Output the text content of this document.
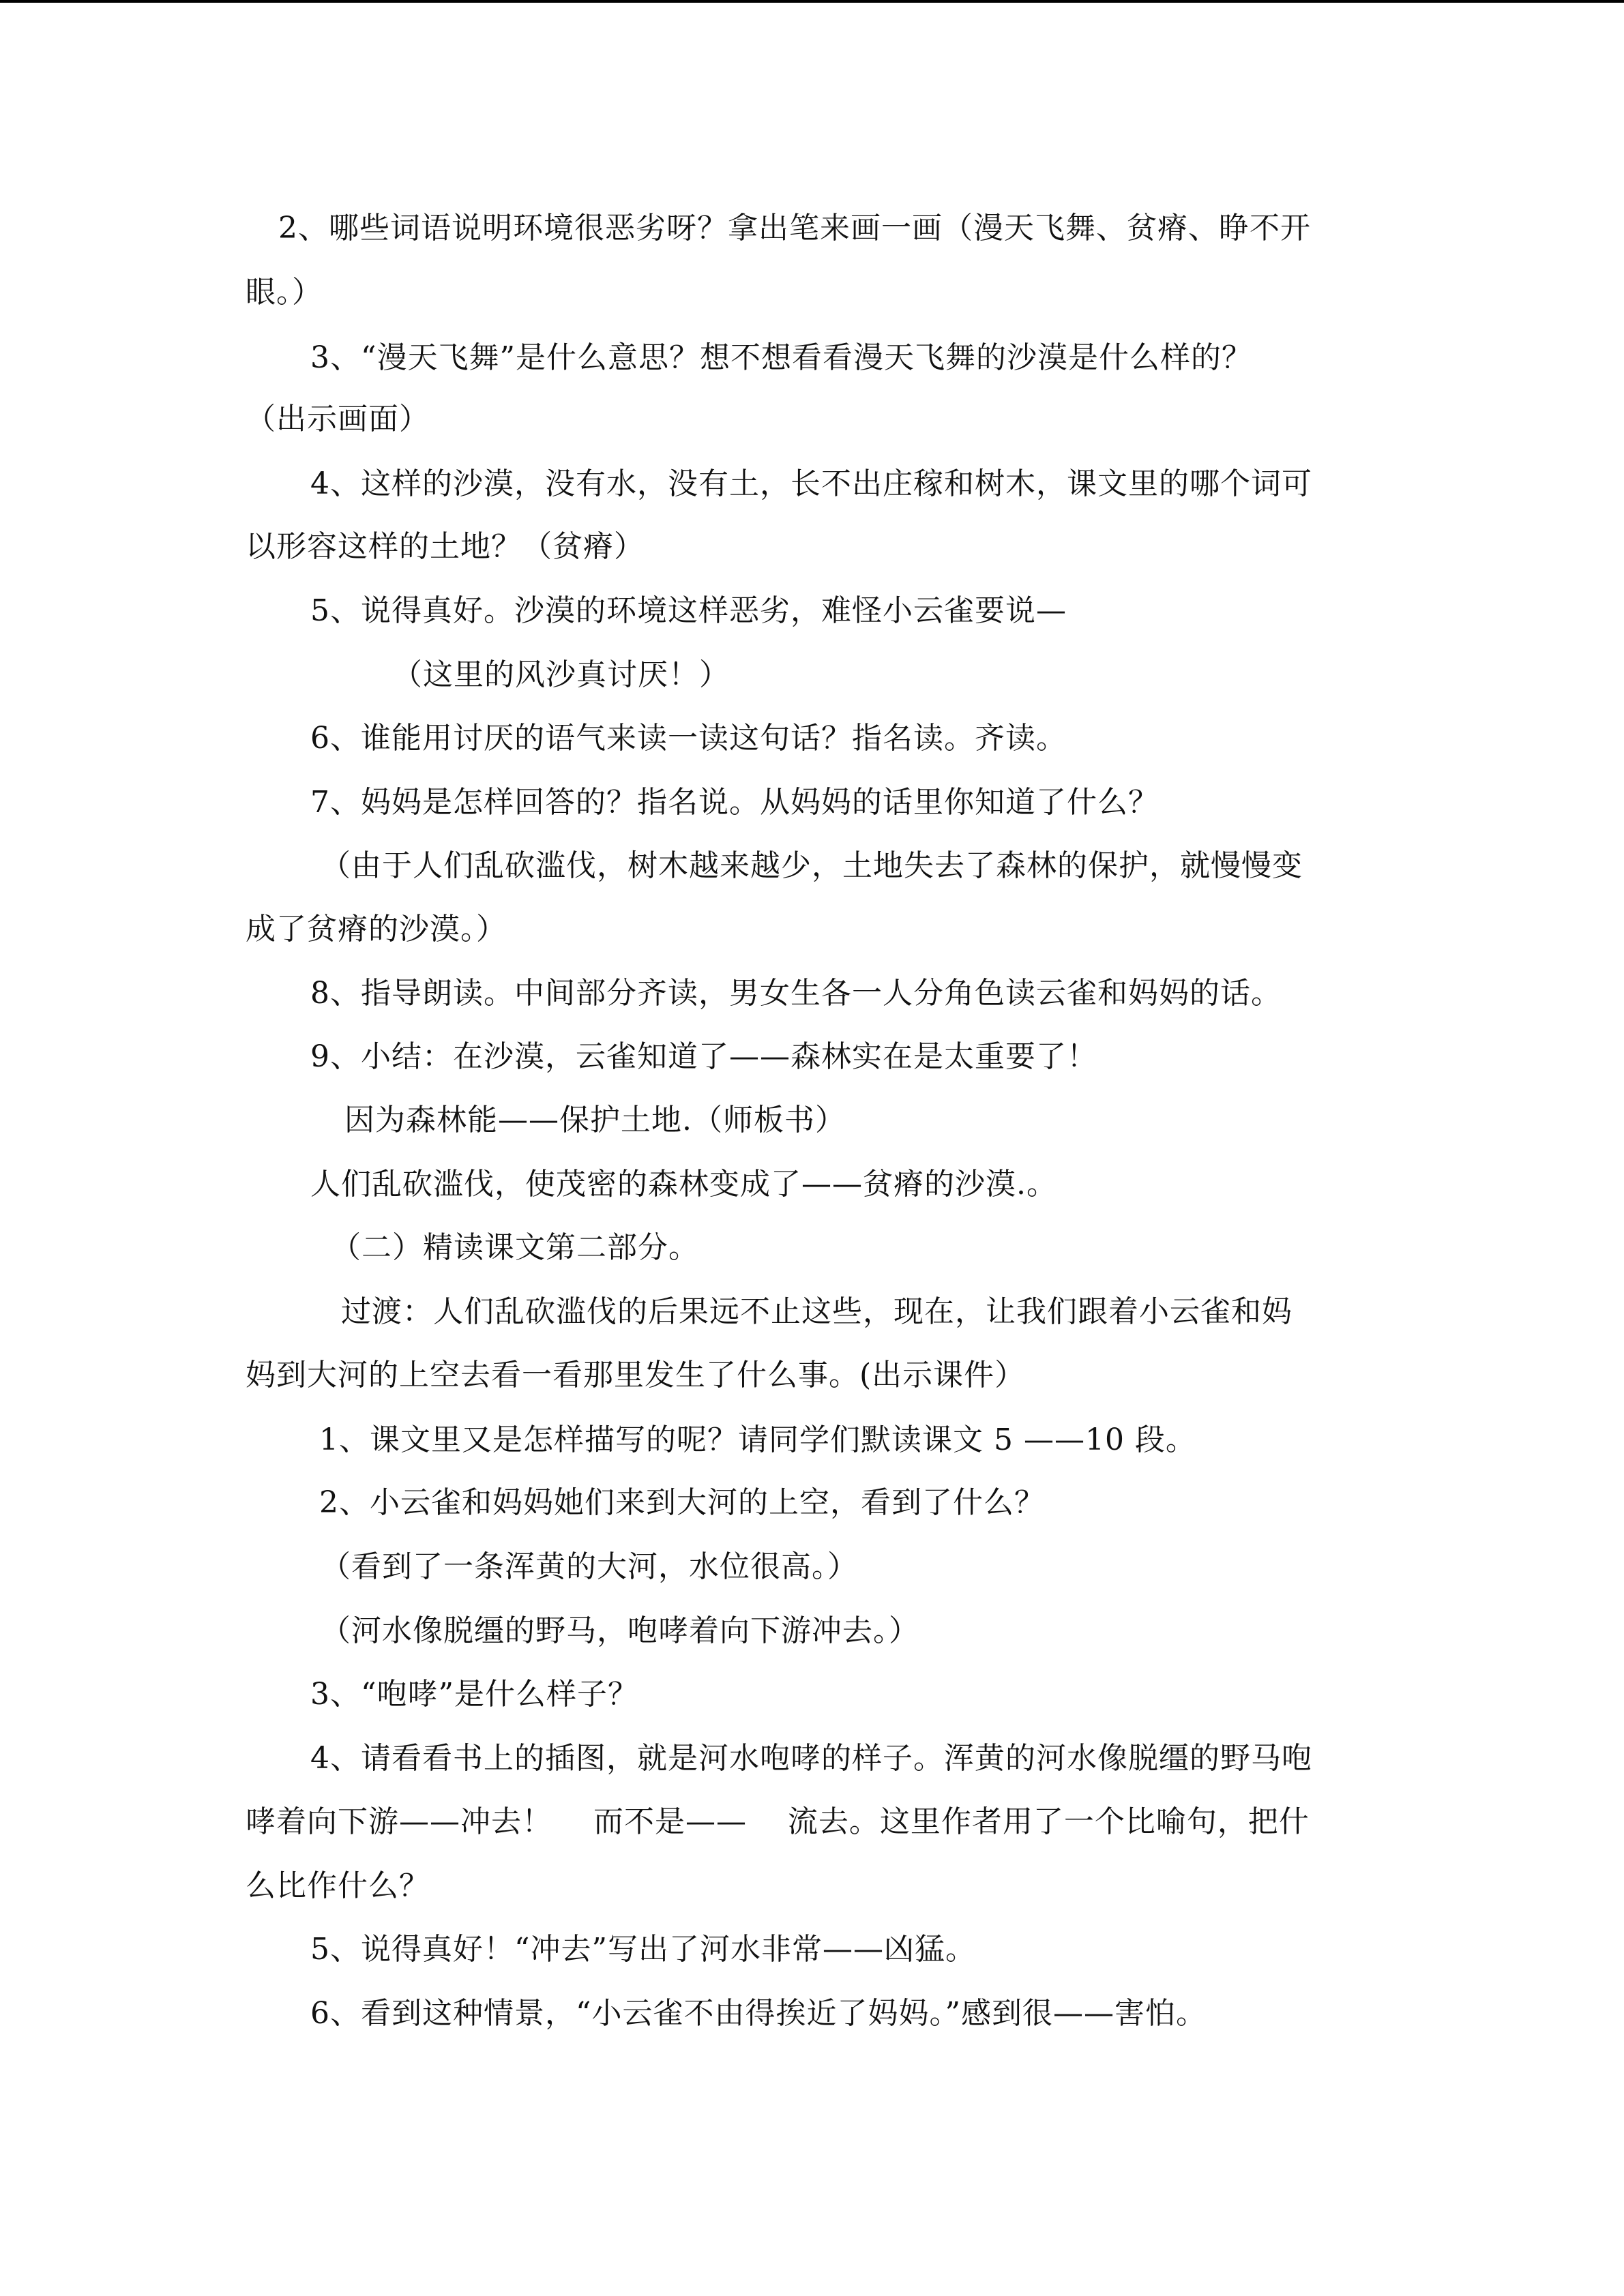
2、哪些词语说明环境很恶劣呀？拿出笔来画一画（漫天飞舞、贫瘠、睁不开
眼。）
3、“漫天飞舞”是什么意思？想不想看看漫天飞舞的沙漠是什么样的？
（出示画面）
4、这样的沙漠，没有水，没有土，长不出庄稼和树木，课文里的哪个词可
以形容这样的土地？（贫瘠）
5、说得真好。沙漠的环境这样恶劣，难怪小云雀要说—
（这里的风沙真讨厌！）
6、谁能用讨厌的语气来读一读这句话？指名读。齐读。
7、妈妈是怎样回答的？指名说。从妈妈的话里你知道了什么？
（由于人们乱砍滥伐，树木越来越少，土地失去了森林的保护，就慢慢变
成了贫瘠的沙漠。）
8、指导朗读。中间部分齐读，男女生各一人分角色读云雀和妈妈的话。
9、小结：在沙漠，云雀知道了——森林实在是太重要了！
因为森林能——保护土地.（师板书）
人们乱砍滥伐，使茂密的森林变成了——贫瘠的沙漠.。
（二）精读课文第二部分。
过渡：人们乱砍滥伐的后果远不止这些，现在，让我们跟着小云雀和妈
妈到大河的上空去看一看那里发生了什么事。(出示课件）
1、课文里又是怎样描写的呢？请同学们默读课文 5 ——10 段。
2、小云雀和妈妈她们来到大河的上空，看到了什么？
（看到了一条浑黄的大河，水位很高。）
（河水像脱缰的野马，咆哮着向下游冲去。）
3、“咆哮”是什么样子？
4、请看看书上的插图，就是河水咆哮的样子。浑黄的河水像脱缰的野马咆
哮着向下游——冲去！    而不是——    流去。这里作者用了一个比喻句，把什
么比作什么？
5、说得真好！“冲去”写出了河水非常——凶猛。
6、看到这种情景，“小云雀不由得挨近了妈妈。”感到很——害怕。
